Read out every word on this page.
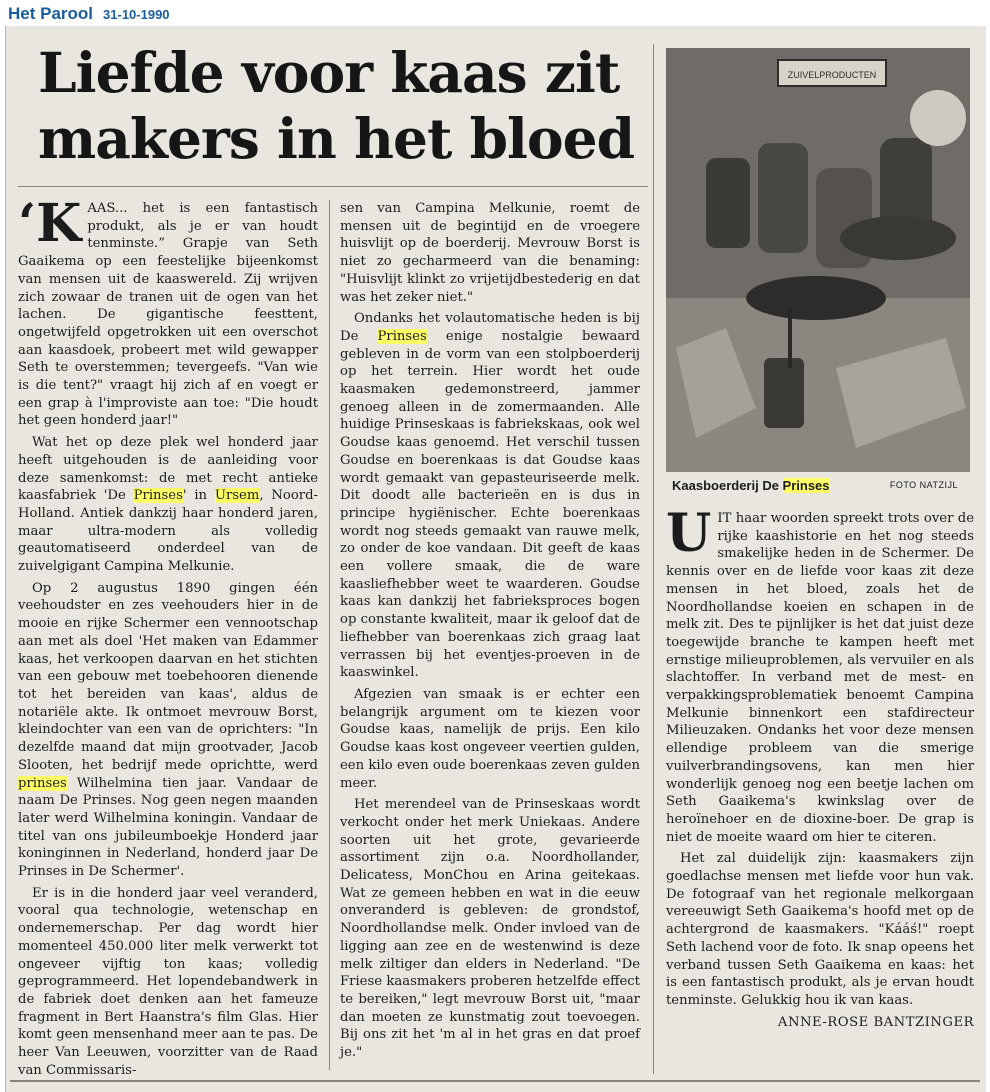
Het Parool 31-10-1990
Liefde voor kaas zit
makers in het bloed

‘KAAS... het is een fantastisch produkt, als je er van houdt tenminste.” Grapje van Seth Gaaikema op een feestelijke bijeenkomst van mensen uit de kaaswereld. Zij wrijven zich zowaar de tranen uit de ogen van het lachen. De gigantische feesttent, ongetwijfeld opgetrokken uit een overschot aan kaasdoek, probeert met wild gewapper Seth te overstemmen; tevergeefs. "Van wie is die tent?" vraagt hij zich af en voegt er een grap à l'improviste aan toe: "Die houdt het geen honderd jaar!"

Wat het op deze plek wel honderd jaar heeft uitgehouden is de aanleiding voor deze samenkomst: de met recht antieke kaasfabriek 'De Prinses' in Ursem, Noord-Holland. Antiek dankzij haar honderd jaren, maar ultra-modern als volledig geautomatiseerd onderdeel van de zuivelgigant Campina Melkunie.

Op 2 augustus 1890 gingen één veehoudster en zes veehouders hier in de mooie en rijke Schermer een vennootschap aan met als doel 'Het maken van Edammer kaas, het verkoopen daarvan en het stichten van een gebouw met toebehooren dienende tot het bereiden van kaas', aldus de notariële akte. Ik ontmoet mevrouw Borst, kleindochter van een van de oprichters: "In dezelfde maand dat mijn grootvader, Jacob Slooten, het bedrijf mede oprichtte, werd prinses Wilhelmina tien jaar. Vandaar de naam De Prinses. Nog geen negen maanden later werd Wilhelmina koningin. Vandaar de titel van ons jubileumboekje Honderd jaar koninginnen in Nederland, honderd jaar De Prinses in De Schermer'.

Er is in die honderd jaar veel veranderd, vooral qua technologie, wetenschap en ondernemerschap. Per dag wordt hier momenteel 450.000 liter melk verwerkt tot ongeveer vijftig ton kaas; volledig geprogrammeerd. Het lopendebandwerk in de fabriek doet denken aan het fameuze fragment in Bert Haanstra's film Glas. Hier komt geen mensenhand meer aan te pas. De heer Van Leeuwen, voorzitter van de Raad van Commissaris-

sen van Campina Melkunie, roemt de mensen uit de begintijd en de vroegere huisvlijt op de boerderij. Mevrouw Borst is niet zo gecharmeerd van die benaming: "Huisvlijt klinkt zo vrijetijdbestederig en dat was het zeker niet."

Ondanks het volautomatische heden is bij De Prinses enige nostalgie bewaard gebleven in de vorm van een stolpboerderij op het terrein. Hier wordt het oude kaasmaken gedemonstreerd, jammer genoeg alleen in de zomermaanden. Alle huidige Prinseskaas is fabriekskaas, ook wel Goudse kaas genoemd. Het verschil tussen Goudse en boerenkaas is dat Goudse kaas wordt gemaakt van gepasteuriseerde melk. Dit doodt alle bacterieën en is dus in principe hygiënischer. Echte boerenkaas wordt nog steeds gemaakt van rauwe melk, zo onder de koe vandaan. Dit geeft de kaas een vollere smaak, die de ware kaasliefhebber weet te waarderen. Goudse kaas kan dankzij het fabrieksproces bogen op constante kwaliteit, maar ik geloof dat de liefhebber van boerenkaas zich graag laat verrassen bij het eventjes-proeven in de kaaswinkel.

Afgezien van smaak is er echter een belangrijk argument om te kiezen voor Goudse kaas, namelijk de prijs. Een kilo Goudse kaas kost ongeveer veertien gulden, een kilo even oude boerenkaas zeven gulden meer.

Het merendeel van de Prinseskaas wordt verkocht onder het merk Uniekaas. Andere soorten uit het grote, gevarieerde assortiment zijn o.a. Noordhollander, Delicatess, MonChou en Arina geitekaas. Wat ze gemeen hebben en wat in die eeuw onveranderd is gebleven: de grondstof, Noordhollandse melk. Onder invloed van de ligging aan zee en de westenwind is deze melk ziltiger dan elders in Nederland. "De Friese kaasmakers proberen hetzelfde effect te bereiken," legt mevrouw Borst uit, "maar dan moeten ze kunstmatig zout toevoegen. Bij ons zit het 'm al in het gras en dat proef je."

ZUIVELPRODUCTEN
Kaasboerderij De Prinses	FOTO NATZIJL

UIT haar woorden spreekt trots over de rijke kaashistorie en het nog steeds smakelijke heden in de Schermer. De kennis over en de liefde voor kaas zit deze mensen in het bloed, zoals het de Noordhollandse koeien en schapen in de melk zit. Des te pijnlijker is het dat juist deze toegewijde branche te kampen heeft met ernstige milieuproblemen, als vervuiler en als slachtoffer. In verband met de mest- en verpakkingsproblematiek benoemt Campina Melkunie binnenkort een stafdirecteur Milieuzaken. Ondanks het voor deze mensen ellendige probleem van die smerige vuilverbrandingsovens, kan men hier wonderlijk genoeg nog een beetje lachen om Seth Gaaikema's kwinkslag over de heroïnehoer en de dioxine-boer. De grap is niet de moeite waard om hier te citeren.

Het zal duidelijk zijn: kaasmakers zijn goedlachse mensen met liefde voor hun vak. De fotograaf van het regionale melkorgaan vereeuwigt Seth Gaaikema's hoofd met op de achtergrond de kaasmakers. "Kááś!" roept Seth lachend voor de foto. Ik snap opeens het verband tussen Seth Gaaikema en kaas: het is een fantastisch produkt, als je ervan houdt tenminste. Gelukkig hou ik van kaas.

ANNE-ROSE BANTZINGER
